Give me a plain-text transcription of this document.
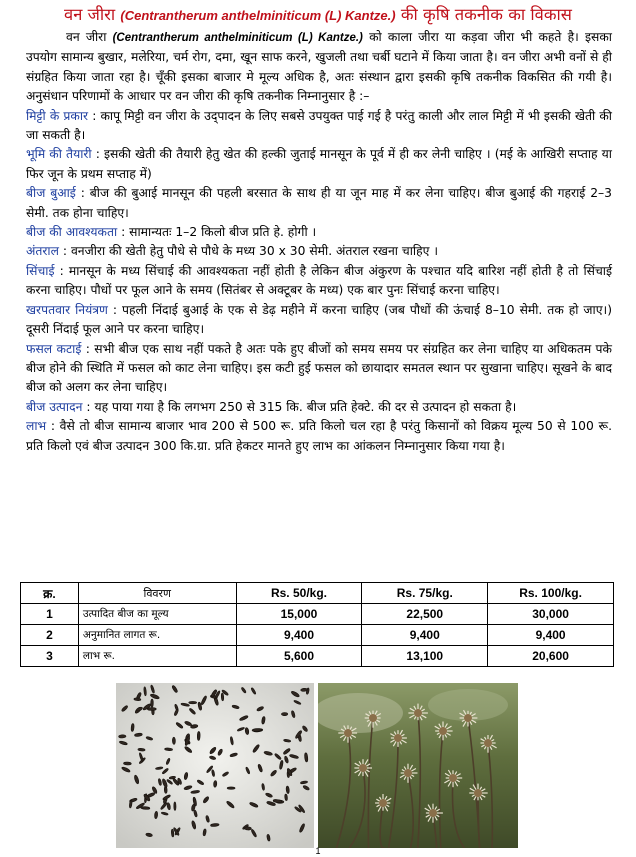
वन जीरा (Centrantherum anthelminiticum (L) Kantze.) की कृषि तकनीक का विकास

वन जीरा (Centrantherum anthelminiticum (L) Kantze.) को काला जीरा या कड़वा जीरा भी कहते है। इसका उपयोग सामान्य बुखार, मलेरिया, चर्म रोग, दमा, खून साफ करने, खुजली तथा चर्बी घटाने में किया जाता है। वन जीरा अभी वनों से ही संग्रहित किया जाता रहा है। चूँकी इसका बाजार मे मूल्य अधिक है, अतः संस्थान द्वारा इसकी कृषि तकनीक विकसित की गयी है। अनुसंधान परिणामों के आधार पर वन जीरा की कृषि तकनीक निम्नानुसार है :–

मिट्टी के प्रकार : कापू मिट्टी वन जीरा के उद्पादन के लिए सबसे उपयुक्त पाई गई है परंतु काली और लाल मिट्टी में भी इसकी खेती की जा सकती है।

भूमि की तैयारी : इसकी खेती की तैयारी हेतु खेत की हल्की जुताई मानसून के पूर्व में ही कर लेनी चाहिए । (मई के आखिरी सप्ताह या फिर जून के प्रथम सप्ताह में)

बीज बुआई : बीज की बुआई मानसून की पहली बरसात के साथ ही या जून माह में कर लेना चाहिए। बीज बुआई की गहराई 2–3 सेमी. तक होना चाहिए।

बीज की आवश्यकता : सामान्यतः 1–2 किलो बीज प्रति हे. होगी ।

अंतराल : वनजीरा की खेती हेतु पौधे से पौधे के मध्य 30 x 30 सेमी. अंतराल रखना चाहिए ।

सिंचाई : मानसून के मध्य सिंचाई की आवश्यकता नहीं होती है लेकिन बीज अंकुरण के पश्चात यदि बारिश नहीं होती है तो सिंचाई करना चाहिए। पौधों पर फूल आने के समय (सितंबर से अक्टूबर के मध्य) एक बार पुनः सिंचाई करना चाहिए।

खरपतवार नियंत्रण : पहली निंदाई बुआई के एक से डेढ़ महीने में करना चाहिए (जब पौधों की ऊंचाई 8–10 सेमी. तक हो जाए।) दूसरी निंदाई फूल आने पर करना चाहिए।

फसल कटाई : सभी बीज एक साथ नहीं पकते है अतः पके हुए बीजों को समय समय पर संग्रहित कर लेना चाहिए या अधिकतम पके बीज होने की स्थिति में फसल को काट लेना चाहिए। इस कटी हुई फसल को छायादार समतल स्थान पर सुखाना चाहिए। सूखने के बाद बीज को अलग कर लेना चाहिए।

बीज उत्पादन : यह पाया गया है कि लगभग 250 से 315 कि. बीज प्रति हेक्टे. की दर से उत्पादन हो सकता है।

लाभ : वैसे तो बीज सामान्य बाजार भाव 200 से 500 रू. प्रति किलो चल रहा है परंतु किसानों को विक्रय मूल्य 50 से 100 रू. प्रति किलो एवं बीज उत्पादन 300 कि.ग्रा. प्रति हेकटर मानते हुए लाभ का आंकलन निम्नानुसार किया गया है।

क्र.	विवरण	Rs. 50/kg.	Rs. 75/kg.	Rs. 100/kg.
1	उत्पादित बीज का मूल्य	15,000	22,500	30,000
2	अनुमानित लागत रू.	9,400	9,400	9,400
3	लाभ रू.	5,600	13,100	20,600
1
